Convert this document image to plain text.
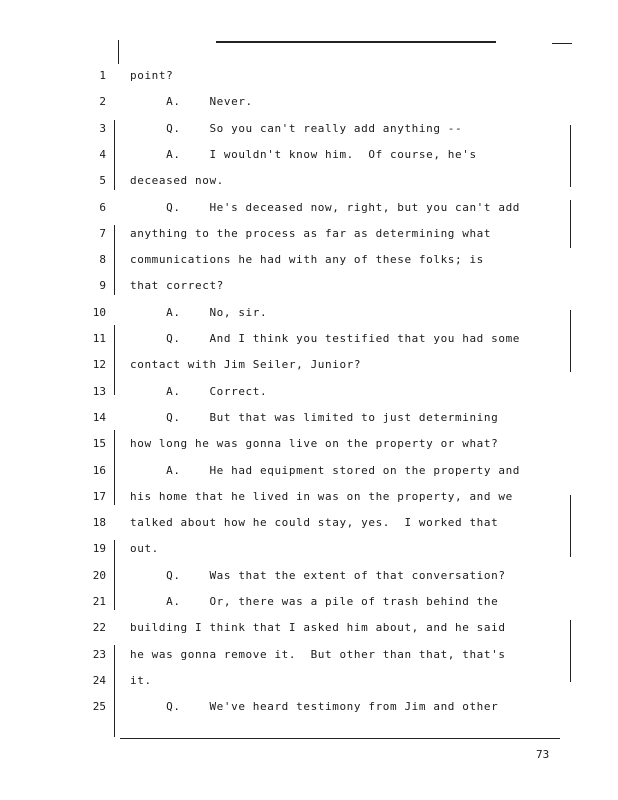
1 point?
2 A.    Never.
3 Q.    So you can't really add anything --
4 A.    I wouldn't know him.  Of course, he's
5 deceased now.
6 Q.    He's deceased now, right, but you can't add
7 anything to the process as far as determining what
8 communications he had with any of these folks; is
9 that correct?
10 A.    No, sir.
11 Q.    And I think you testified that you had some
12 contact with Jim Seiler, Junior?
13 A.    Correct.
14 Q.    But that was limited to just determining
15 how long he was gonna live on the property or what?
16 A.    He had equipment stored on the property and
17 his home that he lived in was on the property, and we
18 talked about how he could stay, yes.  I worked that
19 out.
20 Q.    Was that the extent of that conversation?
21 A.    Or, there was a pile of trash behind the
22 building I think that I asked him about, and he said
23 he was gonna remove it.  But other than that, that's
24 it.
25 Q.    We've heard testimony from Jim and other
73
